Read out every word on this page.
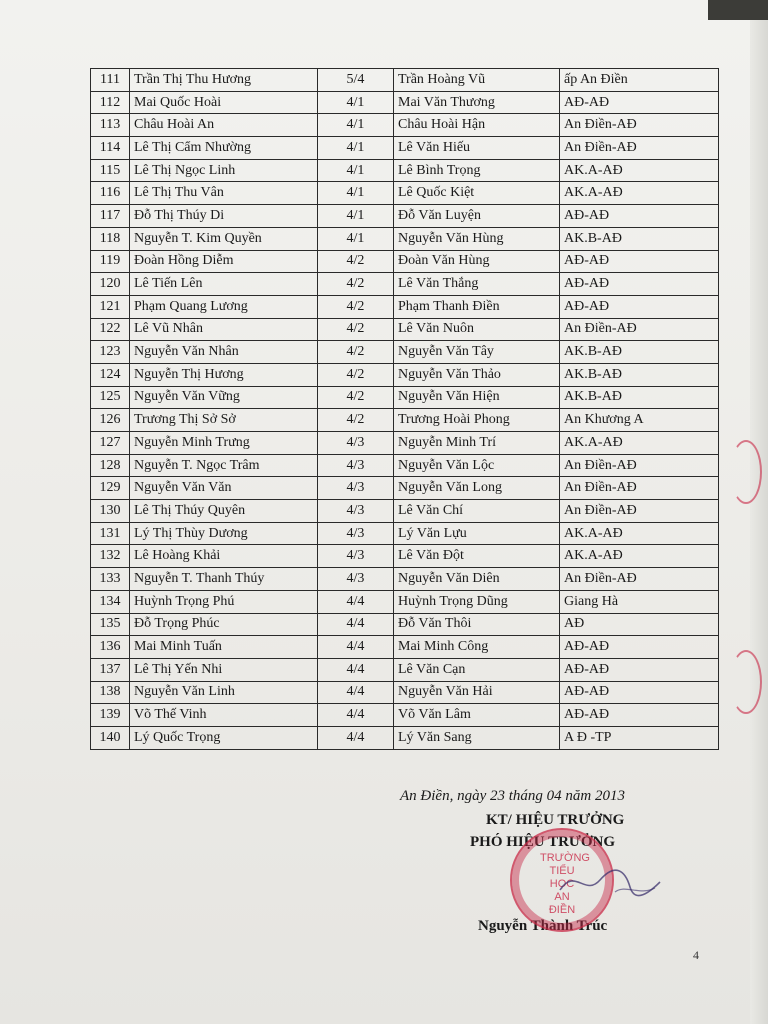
111	Trần Thị Thu Hương	5/4	Trần Hoàng Vũ	ấp An Điền
112	Mai Quốc Hoài	4/1	Mai Văn Thương	AĐ-AĐ
113	Châu Hoài An	4/1	Châu Hoài Hận	An Điền-AĐ
114	Lê Thị Cẩm Nhường	4/1	Lê Văn Hiếu	An Điền-AĐ
115	Lê Thị Ngọc Linh	4/1	Lê Bình Trọng	AK.A-AĐ
116	Lê Thị Thu Vân	4/1	Lê Quốc Kiệt	AK.A-AĐ
117	Đỗ Thị Thúy Di	4/1	Đỗ Văn Luyện	AĐ-AĐ
118	Nguyễn T. Kim Quyền	4/1	Nguyễn Văn Hùng	AK.B-AĐ
119	Đoàn Hồng Diễm	4/2	Đoàn Văn Hùng	AĐ-AĐ
120	Lê Tiến Lên	4/2	Lê Văn Thắng	AĐ-AĐ
121	Phạm Quang Lương	4/2	Phạm Thanh Điền	AĐ-AĐ
122	Lê Vũ Nhân	4/2	Lê Văn Nuôn	An Điền-AĐ
123	Nguyễn Văn Nhân	4/2	Nguyễn Văn Tây	AK.B-AĐ
124	Nguyễn Thị Hương	4/2	Nguyễn Văn Thảo	AK.B-AĐ
125	Nguyễn Văn Vững	4/2	Nguyễn Văn Hiện	AK.B-AĐ
126	Trương Thị Sở Sở	4/2	Trương Hoài Phong	An Khương A
127	Nguyễn Minh Trưng	4/3	Nguyễn Minh Trí	AK.A-AĐ
128	Nguyễn T. Ngọc Trâm	4/3	Nguyễn Văn Lộc	An Điền-AĐ
129	Nguyễn Văn Văn	4/3	Nguyễn Văn Long	An Điền-AĐ
130	Lê Thị Thúy Quyên	4/3	Lê Văn Chí	An Điền-AĐ
131	Lý Thị Thùy Dương	4/3	Lý Văn Lựu	AK.A-AĐ
132	Lê Hoàng Khải	4/3	Lê Văn Đột	AK.A-AĐ
133	Nguyễn T. Thanh Thúy	4/3	Nguyễn Văn Diên	An Điền-AĐ
134	Huỳnh Trọng Phú	4/4	Huỳnh Trọng Dũng	Giang Hà
135	Đỗ Trọng Phúc	4/4	Đỗ Văn Thôi	AĐ
136	Mai Minh Tuấn	4/4	Mai Minh Công	AĐ-AĐ
137	Lê Thị Yến Nhi	4/4	Lê Văn Cạn	AĐ-AĐ
138	Nguyễn Văn Linh	4/4	Nguyễn Văn Hải	AĐ-AĐ
139	Võ Thế Vinh	4/4	Võ Văn Lâm	AĐ-AĐ
140	Lý Quốc Trọng	4/4	Lý Văn Sang	A Đ -TP
An Điền, ngày 23 tháng 04 năm 2013
KT/ HIỆU TRƯỞNG
PHÓ HIỆU TRƯỞNG
Nguyễn Thành Trúc
TRƯỜNG
TIỂU HỌC
AN ĐIỀN
4
